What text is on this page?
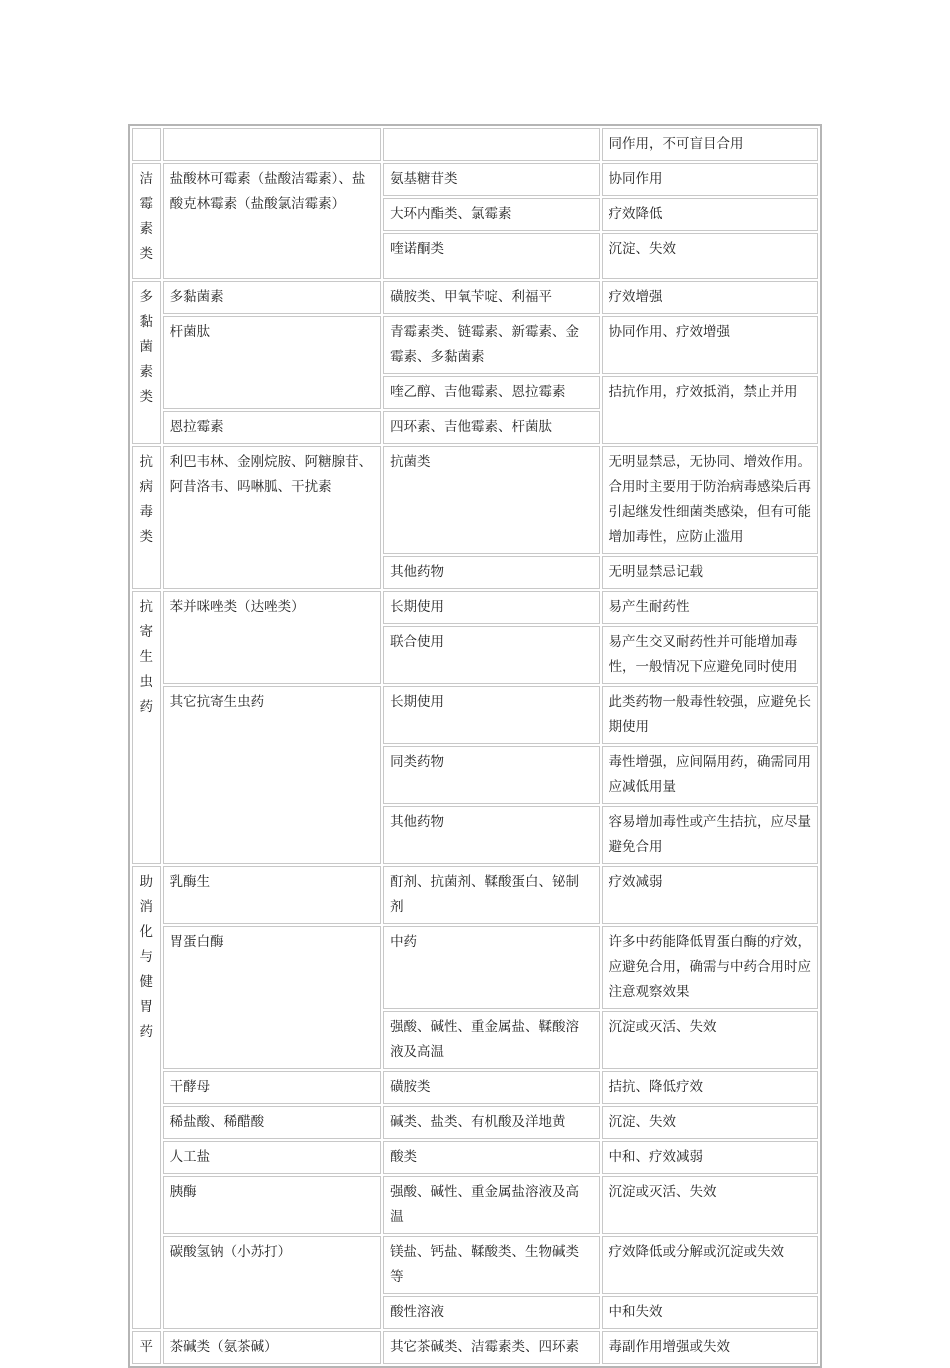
			同作用，不可盲目合用
洁霉素类	盐酸林可霉素（盐酸洁霉素）、盐酸克林霉素（盐酸氯洁霉素）	氨基糖苷类	协同作用
		大环内酯类、氯霉素	疗效降低
		喹诺酮类	沉淀、失效
多黏菌素类	多黏菌素	磺胺类、甲氧苄啶、利福平	疗效增强
	杆菌肽	青霉素类、链霉素、新霉素、金霉素、多黏菌素	协同作用、疗效增强
		喹乙醇、吉他霉素、恩拉霉素	拮抗作用，疗效抵消，禁止并用
	恩拉霉素	四环素、吉他霉素、杆菌肽	
抗病毒类	利巴韦林、金刚烷胺、阿糖腺苷、阿昔洛韦、吗啉胍、干扰素	抗菌类	无明显禁忌，无协同、增效作用。合用时主要用于防治病毒感染后再引起继发性细菌类感染，但有可能增加毒性，应防止滥用
		其他药物	无明显禁忌记载
抗寄生虫药	苯并咪唑类（达唑类）	长期使用	易产生耐药性
		联合使用	易产生交叉耐药性并可能增加毒性，一般情况下应避免同时使用
	其它抗寄生虫药	长期使用	此类药物一般毒性较强，应避免长期使用
		同类药物	毒性增强，应间隔用药，确需同用应减低用量
		其他药物	容易增加毒性或产生拮抗，应尽量避免合用
助消化与健胃药	乳酶生	酊剂、抗菌剂、鞣酸蛋白、铋制剂	疗效减弱
	胃蛋白酶	中药	许多中药能降低胃蛋白酶的疗效，应避免合用，确需与中药合用时应注意观察效果
		强酸、碱性、重金属盐、鞣酸溶液及高温	沉淀或灭活、失效
	干酵母	磺胺类	拮抗、降低疗效
	稀盐酸、稀醋酸	碱类、盐类、有机酸及洋地黄	沉淀、失效
	人工盐	酸类	中和、疗效减弱
	胰酶	强酸、碱性、重金属盐溶液及高温	沉淀或灭活、失效
	碳酸氢钠（小苏打）	镁盐、钙盐、鞣酸类、生物碱类等	疗效降低或分解或沉淀或失效
		酸性溶液	中和失效
平	茶碱类（氨茶碱）	其它茶碱类、洁霉素类、四环素	毒副作用增强或失效
